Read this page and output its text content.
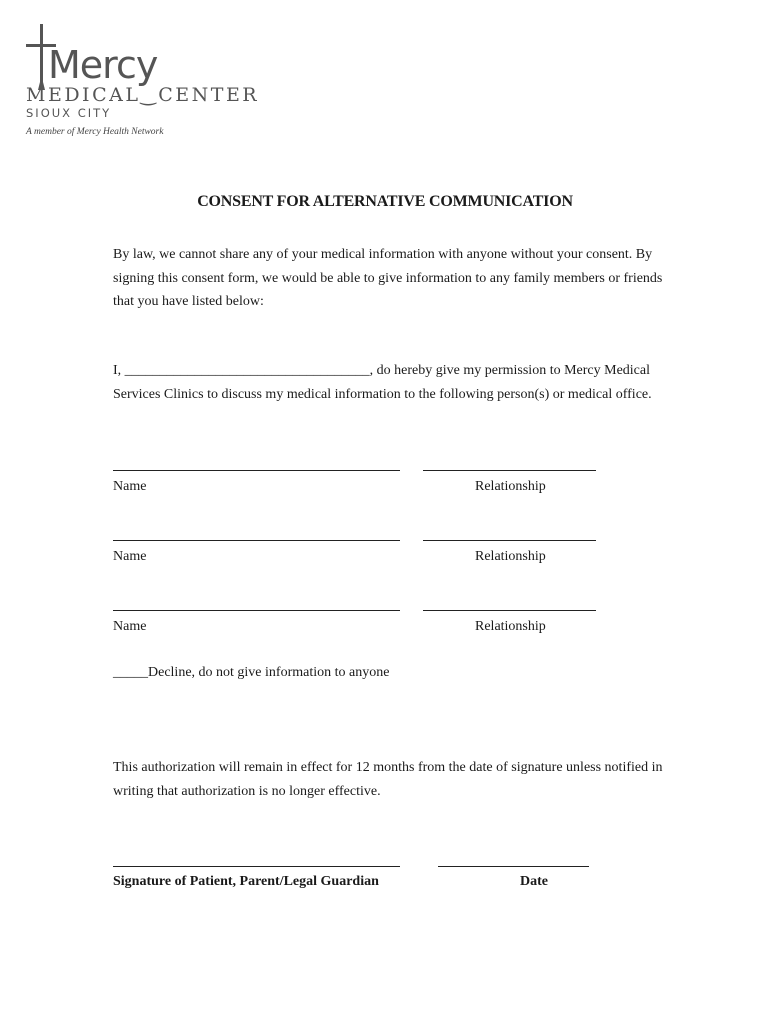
Mercy
MEDICAL‿CENTER
SIOUX CITY
A member of Mercy Health Network
CONSENT FOR ALTERNATIVE COMMUNICATION
By law, we cannot share any of your medical information with anyone without your consent. By signing this consent form, we would be able to give information to any family members or friends that you have listed below:
I, ___________________________________, do hereby give my permission to Mercy Medical Services Clinics to discuss my medical information to the following person(s) or medical office.
Name	Relationship
Name	Relationship
Name	Relationship
_____Decline, do not give information to anyone
This authorization will remain in effect for 12 months from the date of signature unless notified in writing that authorization is no longer effective.
Signature of Patient, Parent/Legal Guardian	Date
